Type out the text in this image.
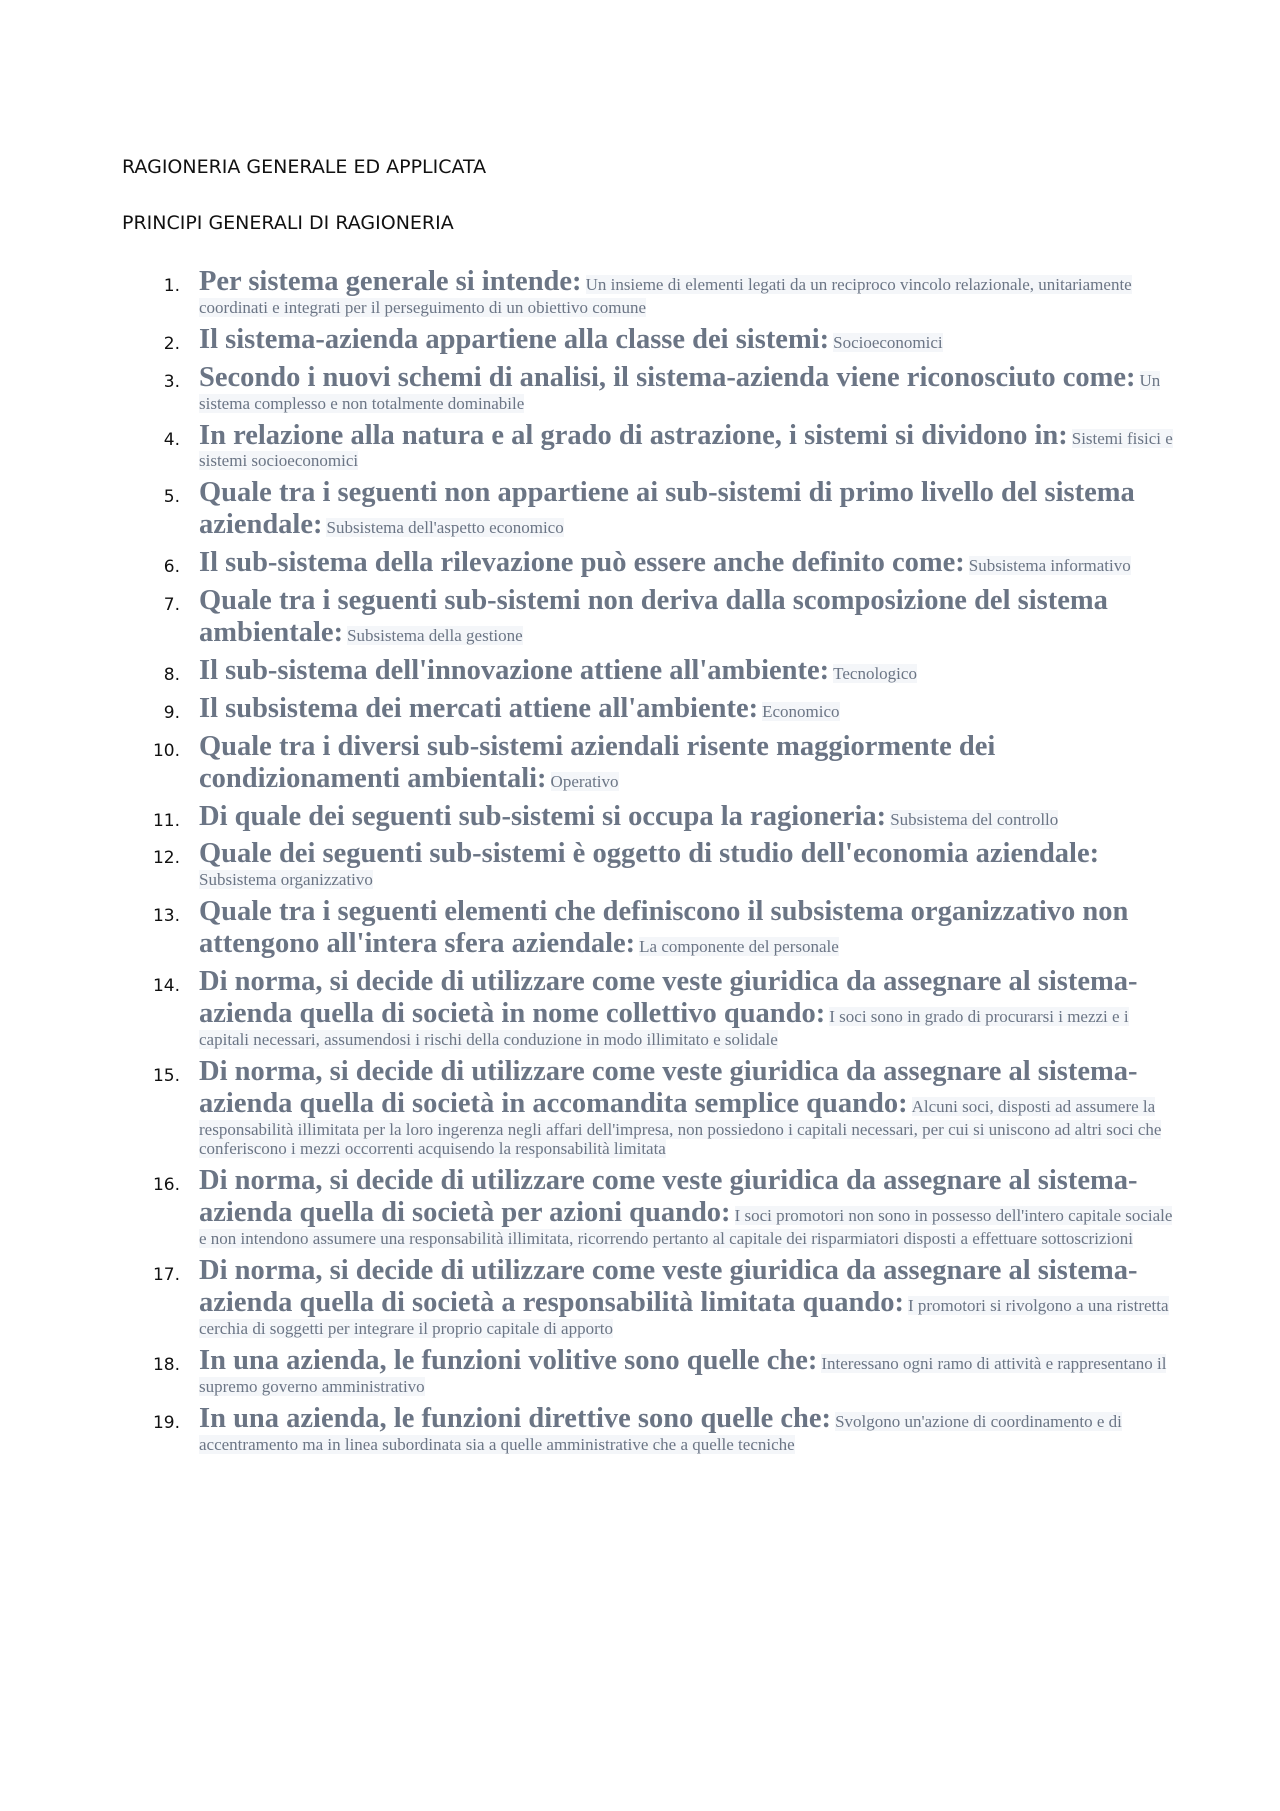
RAGIONERIA GENERALE ED APPLICATA

PRINCIPI GENERALI DI RAGIONERIA

1. Per sistema generale si intende: Un insieme di elementi legati da un reciproco vincolo relazionale, unitariamente coordinati e integrati per il perseguimento di un obiettivo comune

2. Il sistema-azienda appartiene alla classe dei sistemi: Socioeconomici

3. Secondo i nuovi schemi di analisi, il sistema-azienda viene riconosciuto come: Un sistema complesso e non totalmente dominabile

4. In relazione alla natura e al grado di astrazione, i sistemi si dividono in: Sistemi fisici e sistemi socioeconomici

5. Quale tra i seguenti non appartiene ai sub-sistemi di primo livello del sistema aziendale: Subsistema dell'aspetto economico

6. Il sub-sistema della rilevazione può essere anche definito come: Subsistema informativo

7. Quale tra i seguenti sub-sistemi non deriva dalla scomposizione del sistema ambientale: Subsistema della gestione

8. Il sub-sistema dell'innovazione attiene all'ambiente: Tecnologico

9. Il subsistema dei mercati attiene all'ambiente: Economico

10. Quale tra i diversi sub-sistemi aziendali risente maggiormente dei condizionamenti ambientali: Operativo

11. Di quale dei seguenti sub-sistemi si occupa la ragioneria: Subsistema del controllo

12. Quale dei seguenti sub-sistemi è oggetto di studio dell'economia aziendale: Subsistema organizzativo

13. Quale tra i seguenti elementi che definiscono il subsistema organizzativo non attengono all'intera sfera aziendale: La componente del personale

14. Di norma, si decide di utilizzare come veste giuridica da assegnare al sistema-azienda quella di società in nome collettivo quando: I soci sono in grado di procurarsi i mezzi e i capitali necessari, assumendosi i rischi della conduzione in modo illimitato e solidale

15. Di norma, si decide di utilizzare come veste giuridica da assegnare al sistema-azienda quella di società in accomandita semplice quando: Alcuni soci, disposti ad assumere la responsabilità illimitata per la loro ingerenza negli affari dell'impresa, non possiedono i capitali necessari, per cui si uniscono ad altri soci che conferiscono i mezzi occorrenti acquisendo la responsabilità limitata

16. Di norma, si decide di utilizzare come veste giuridica da assegnare al sistema-azienda quella di società per azioni quando: I soci promotori non sono in possesso dell'intero capitale sociale e non intendono assumere una responsabilità illimitata, ricorrendo pertanto al capitale dei risparmiatori disposti a effettuare sottoscrizioni

17. Di norma, si decide di utilizzare come veste giuridica da assegnare al sistema-azienda quella di società a responsabilità limitata quando: I promotori si rivolgono a una ristretta cerchia di soggetti per integrare il proprio capitale di apporto

18. In una azienda, le funzioni volitive sono quelle che: Interessano ogni ramo di attività e rappresentano il supremo governo amministrativo

19. In una azienda, le funzioni direttive sono quelle che: Svolgono un'azione di coordinamento e di accentramento ma in linea subordinata sia a quelle amministrative che a quelle tecniche
